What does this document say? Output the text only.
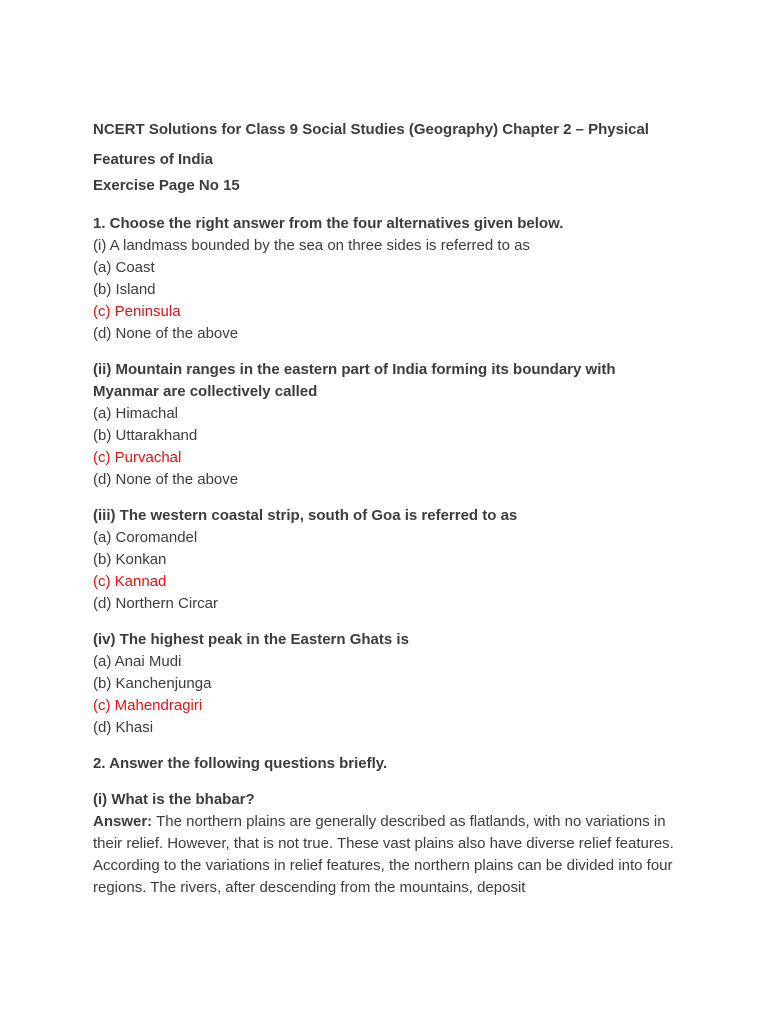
NCERT Solutions for Class 9 Social Studies (Geography) Chapter 2 – Physical Features of India

Exercise Page No 15

1. Choose the right answer from the four alternatives given below.

(i) A landmass bounded by the sea on three sides is referred to as

(a) Coast

(b) Island

(c) Peninsula

(d) None of the above

(ii) Mountain ranges in the eastern part of India forming its boundary with Myanmar are collectively called

(a) Himachal

(b) Uttarakhand

(c) Purvachal

(d) None of the above

(iii) The western coastal strip, south of Goa is referred to as

(a) Coromandel

(b) Konkan

(c) Kannad

(d) Northern Circar

(iv) The highest peak in the Eastern Ghats is

(a) Anai Mudi

(b) Kanchenjunga

(c) Mahendragiri

(d) Khasi

2. Answer the following questions briefly.

(i) What is the bhabar?

Answer: The northern plains are generally described as flatlands, with no variations in their relief. However, that is not true. These vast plains also have diverse relief features. According to the variations in relief features, the northern plains can be divided into four regions. The rivers, after descending from the mountains, deposit
